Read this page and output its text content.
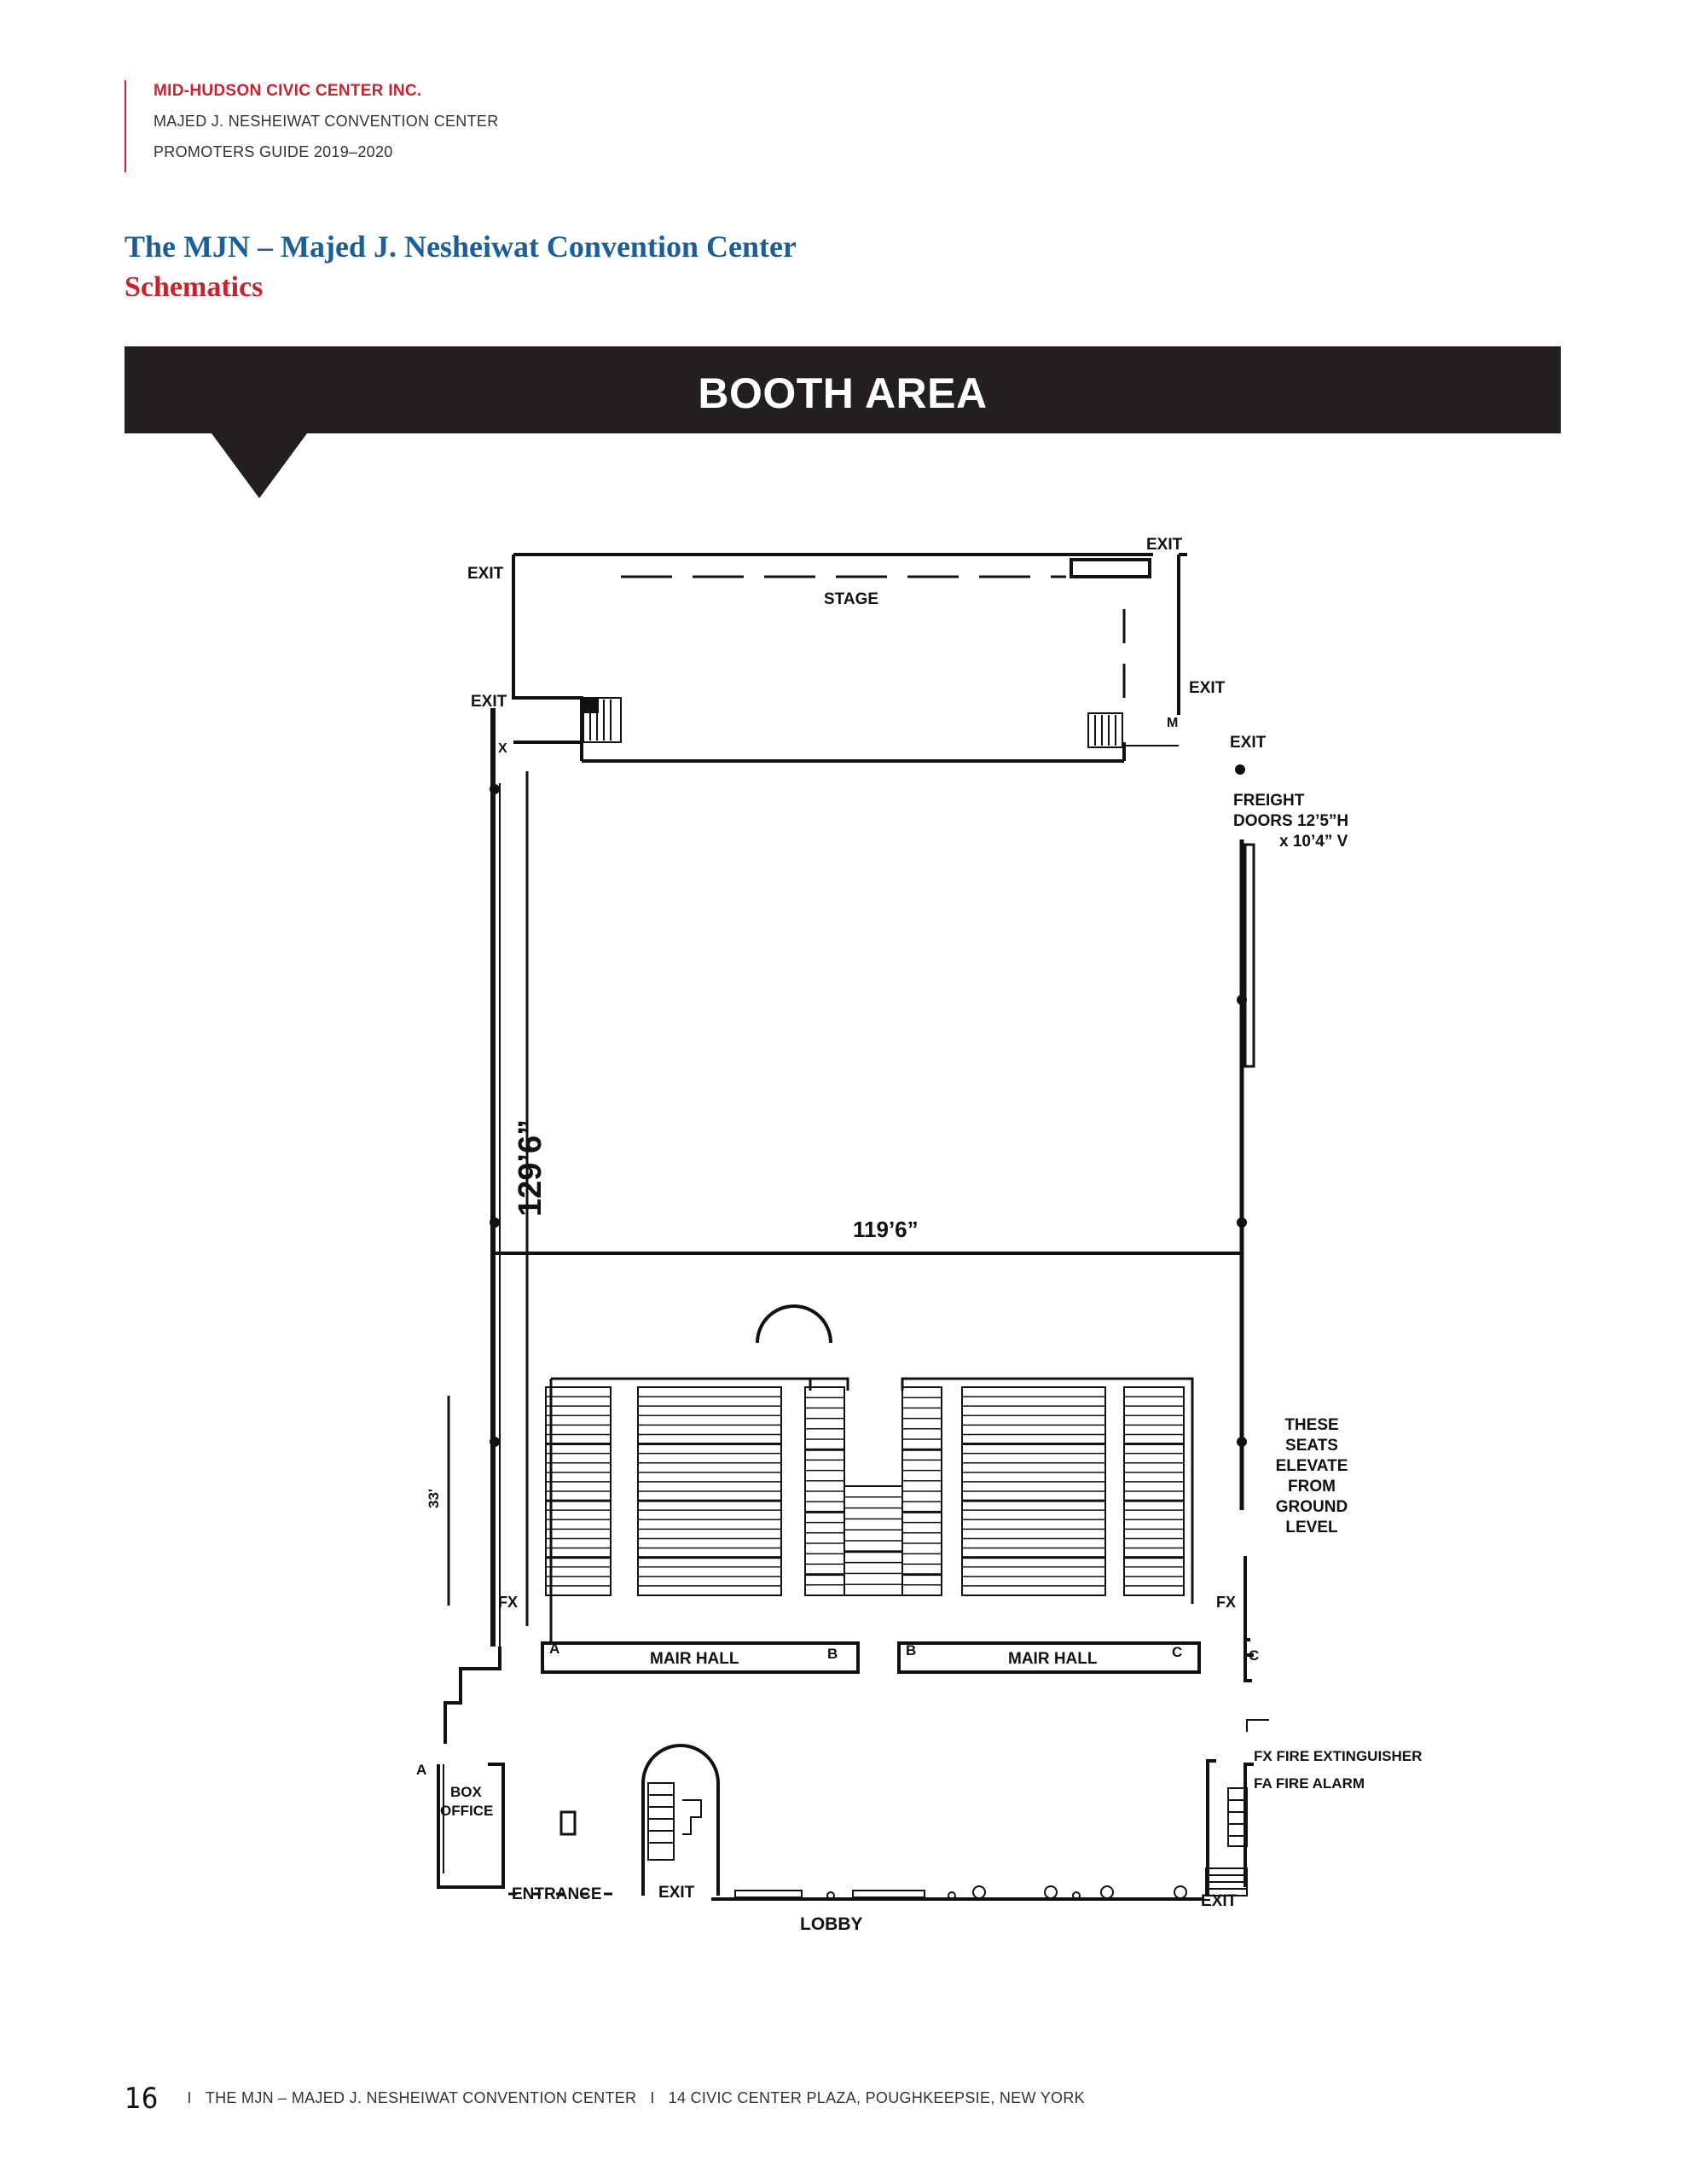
MID-HUDSON CIVIC CENTER INC.
MAJED J. NESHEIWAT CONVENTION CENTER
PROMOTERS GUIDE 2019–2020
The MJN – Majed J. Nesheiwat Convention Center
Schematics
BOOTH AREA
EXIT
EXIT
STAGE
EXIT
EXIT
M
X	EXIT
FREIGHT
DOORS 12’5”H
x 10’4” V
129’6”
119’6”
33'
THESE
SEATS
ELEVATE
FROM
GROUND
LEVEL
FX	FX
A
MAIR HALL	B	B	MAIR HALL	C	C
A
BOX
OFFICE
ENTRANCE	EXIT
LOBBY
EXIT
FX FIRE EXTINGUISHER
FA FIRE ALARM
16 I THE MJN – MAJED J. NESHEIWAT CONVENTION CENTER I 14 CIVIC CENTER PLAZA, POUGHKEEPSIE, NEW YORK
